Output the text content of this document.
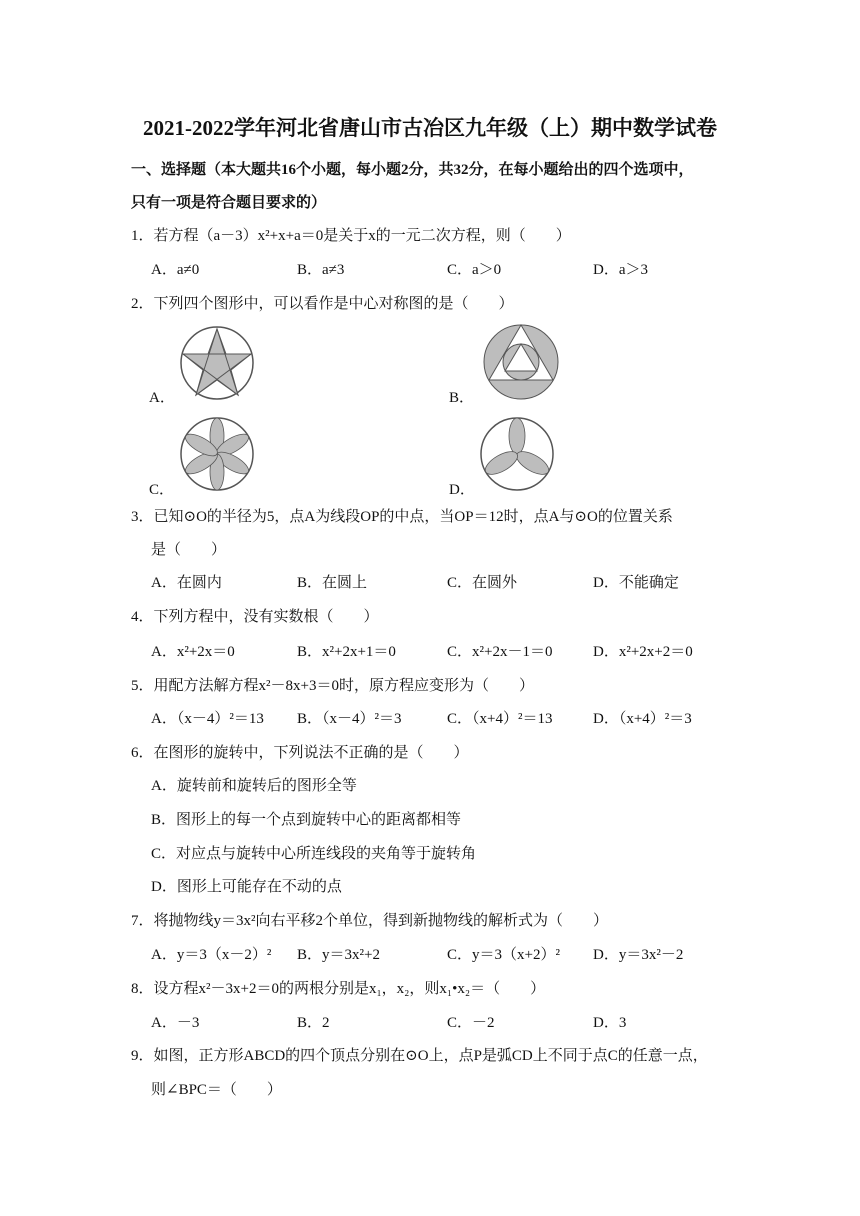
2021-2022学年河北省唐山市古冶区九年级（上）期中数学试卷
一、选择题（本大题共16个小题，每小题2分，共32分，在每小题给出的四个选项中，
只有一项是符合题目要求的）
1．若方程（a－3）x²+x+a＝0是关于x的一元二次方程，则（　　）
A．a≠0	B．a≠3	C．a＞0	D．a＞3
2．下列四个图形中，可以看作是中心对称图的是（　　）
A．	B．
C．	D．
3．已知⊙O的半径为5，点A为线段OP的中点，当OP＝12时，点A与⊙O的位置关系
是（　　）
A．在圆内	B．在圆上	C．在圆外	D．不能确定
4．下列方程中，没有实数根（　　）
A．x²+2x＝0	B．x²+2x+1＝0	C．x²+2x－1＝0	D．x²+2x+2＝0
5．用配方法解方程x²－8x+3＝0时，原方程应变形为（　　）
A．（x－4）²＝13 B．（x－4）²＝3	C．（x+4）²＝13	D．（x+4）²＝3
6．在图形的旋转中，下列说法不正确的是（　　）
A．旋转前和旋转后的图形全等
B．图形上的每一个点到旋转中心的距离都相等
C．对应点与旋转中心所连线段的夹角等于旋转角
D．图形上可能存在不动的点
7．将抛物线y＝3x²向右平移2个单位，得到新抛物线的解析式为（　　）
A．y＝3（x－2）² B．y＝3x²+2	C．y＝3（x+2）² D．y＝3x²－2
8．设方程x²－3x+2＝0的两根分别是x₁，x₂，则x₁•x₂＝（　　）
A．－3	B．2	C．－2	D．3
9．如图，正方形ABCD的四个顶点分别在⊙O上，点P是弧CD上不同于点C的任意一点，
则∠BPC＝（　　）
